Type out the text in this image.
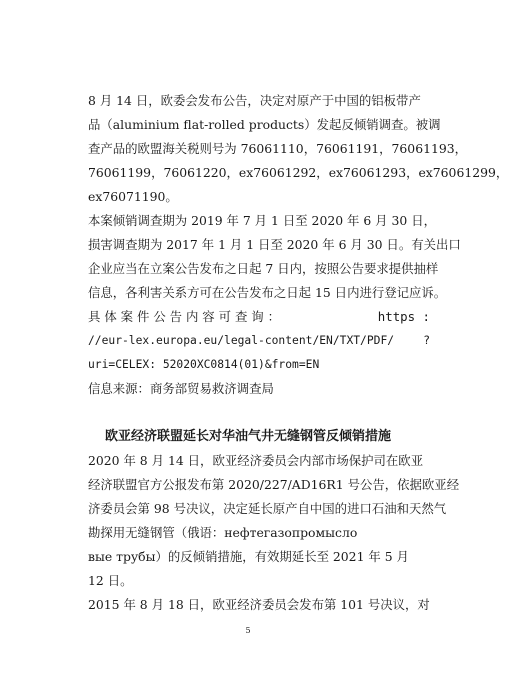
8 月 14 日，欧委会发布公告，决定对原产于中国的铝板带产
品（aluminium flat-rolled products）发起反倾销调查。被调
查产品的欧盟海关税则号为 76061110，76061191，76061193，
76061199，76061220，ex76061292，ex76061293，ex76061299，
ex76071190。
本案倾销调查期为 2019 年 7 月 1 日至 2020 年 6 月 30 日，
损害调查期为 2017 年 1 月 1 日至 2020 年 6 月 30 日。有关出口
企业应当在立案公告发布之日起 7 日内，按照公告要求提供抽样
信息，各利害关系方可在公告发布之日起 15 日内进行登记应诉。
具 体 案 件 公 告 内 容 可 查 询 ：	https :
//eur-lex.europa.eu/legal-content/EN/TXT/PDF/	?
uri=CELEX: 52020XC0814(01)&from=EN
信息来源：商务部贸易救济调查局
欧亚经济联盟延长对华油气井无缝钢管反倾销措施
2020 年 8 月 14 日，欧亚经济委员会内部市场保护司在欧亚
经济联盟官方公报发布第 2020/227/AD16R1 号公告，依据欧亚经
济委员会第 98 号决议，决定延长原产自中国的进口石油和天然气
勘探用无缝钢管（俄语：нефтегазопромыслo
вые трубы）的反倾销措施，有效期延长至 2021 年 5 月
12 日。
2015 年 8 月 18 日，欧亚经济委员会发布第 101 号决议，对
5
